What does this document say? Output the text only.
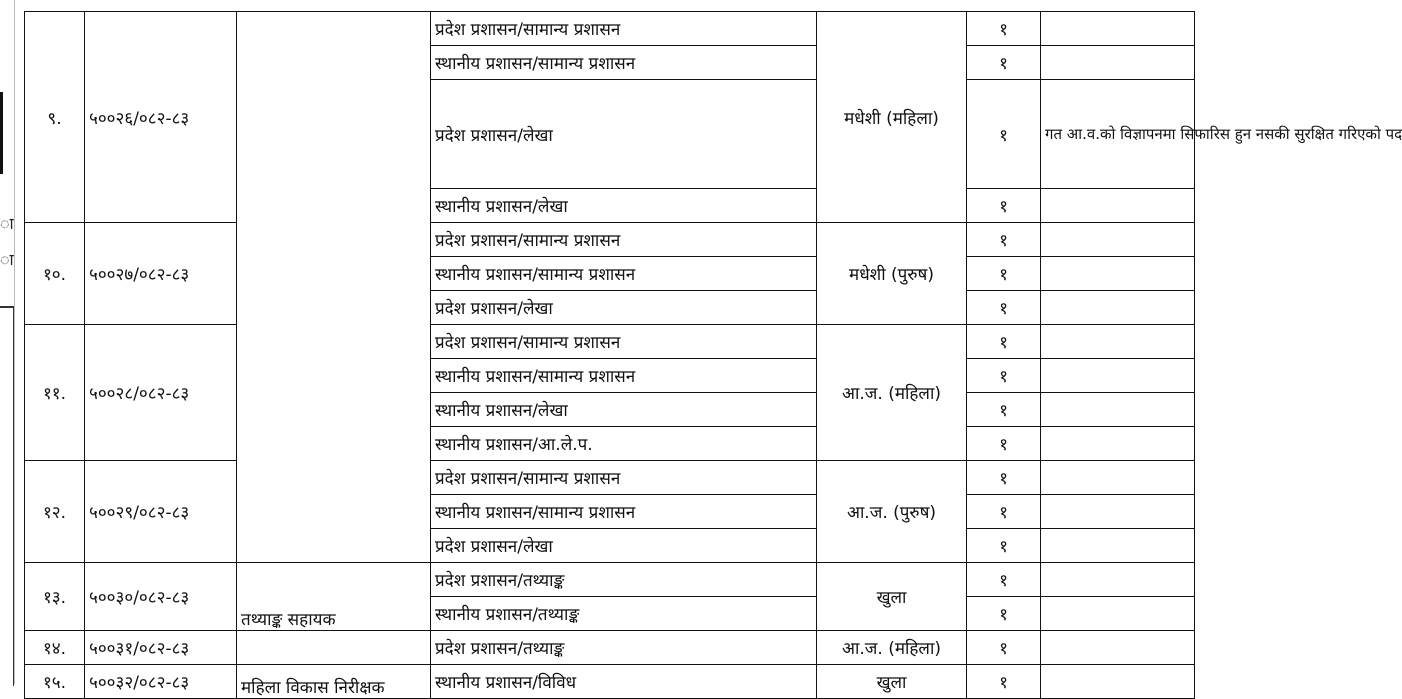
ा
ा
९.	५००२६/०८२-८३		प्रदेश प्रशासन/सामान्य प्रशासन	मधेशी (महिला)	१	
			स्थानीय प्रशासन/सामान्य प्रशासन		१	
			प्रदेश प्रशासन/लेखा		१	गत आ.व.को विज्ञापनमा सिफारिस हुन नसकी सुरक्षित गरिएको पद
			स्थानीय प्रशासन/लेखा		१	
१०.	५००२७/०८२-८३		प्रदेश प्रशासन/सामान्य प्रशासन	मधेशी (पुरुष)	१	
			स्थानीय प्रशासन/सामान्य प्रशासन		१	
			प्रदेश प्रशासन/लेखा		१	
११.	५००२८/०८२-८३		प्रदेश प्रशासन/सामान्य प्रशासन	आ.ज. (महिला)	१	
			स्थानीय प्रशासन/सामान्य प्रशासन		१	
			स्थानीय प्रशासन/लेखा		१	
			स्थानीय प्रशासन/आ.ले.प.		१	
१२.	५००२९/०८२-८३		प्रदेश प्रशासन/सामान्य प्रशासन	आ.ज. (पुरुष)	१	
			स्थानीय प्रशासन/सामान्य प्रशासन		१	
			प्रदेश प्रशासन/लेखा		१	
१३.	५००३०/०८२-८३	तथ्याङ्क सहायक	प्रदेश प्रशासन/तथ्याङ्क	खुला	१	
			स्थानीय प्रशासन/तथ्याङ्क		१	
१४.	५००३१/०८२-८३		प्रदेश प्रशासन/तथ्याङ्क	आ.ज. (महिला)	१	
१५.	५००३२/०८२-८३	महिला विकास निरीक्षक	स्थानीय प्रशासन/विविध	खुला	१	
